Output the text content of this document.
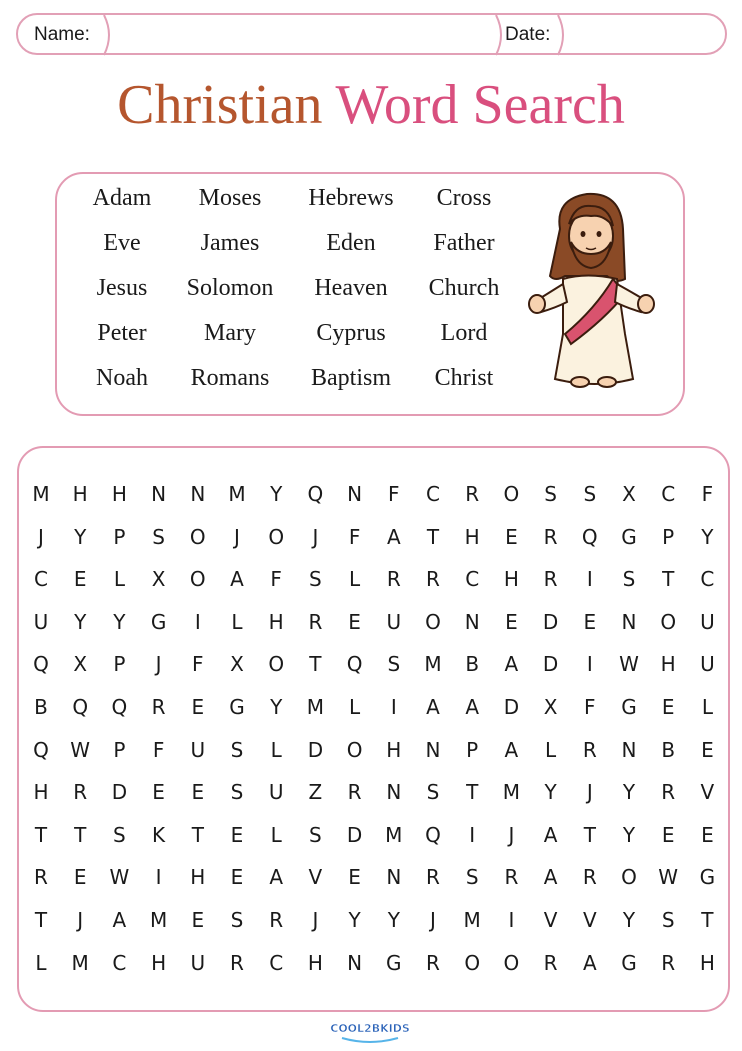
Name:	Date:
Christian Word Search
Adam	Moses	Hebrews	Cross
Eve	James	Eden	Father
Jesus	Solomon	Heaven	Church
Peter	Mary	Cyprus	Lord
Noah	Romans	Baptism	Christ
M	H	H	N	N	M	Y	Q	N	F	C	R	O	S	S	X	C	F
J	Y	P	S	O	J	O	J	F	A	T	H	E	R	Q	G	P	Y
C	E	L	X	O	A	F	S	L	R	R	C	H	R	I	S	T	C
U	Y	Y	G	I	L	H	R	E	U	O	N	E	D	E	N	O	U
Q	X	P	J	F	X	O	T	Q	S	M	B	A	D	I	W	H	U
B	Q	Q	R	E	G	Y	M	L	I	A	A	D	X	F	G	E	L
Q	W	P	F	U	S	L	D	O	H	N	P	A	L	R	N	B	E
H	R	D	E	E	S	U	Z	R	N	S	T	M	Y	J	Y	R	V
T	T	S	K	T	E	L	S	D	M	Q	I	J	A	T	Y	E	E
R	E	W	I	H	E	A	V	E	N	R	S	R	A	R	O	W	G
T	J	A	M	E	S	R	J	Y	Y	J	M	I	V	V	Y	S	T
L	M	C	H	U	R	C	H	N	G	R	O	O	R	A	G	R	H
COOL2BKIDS
